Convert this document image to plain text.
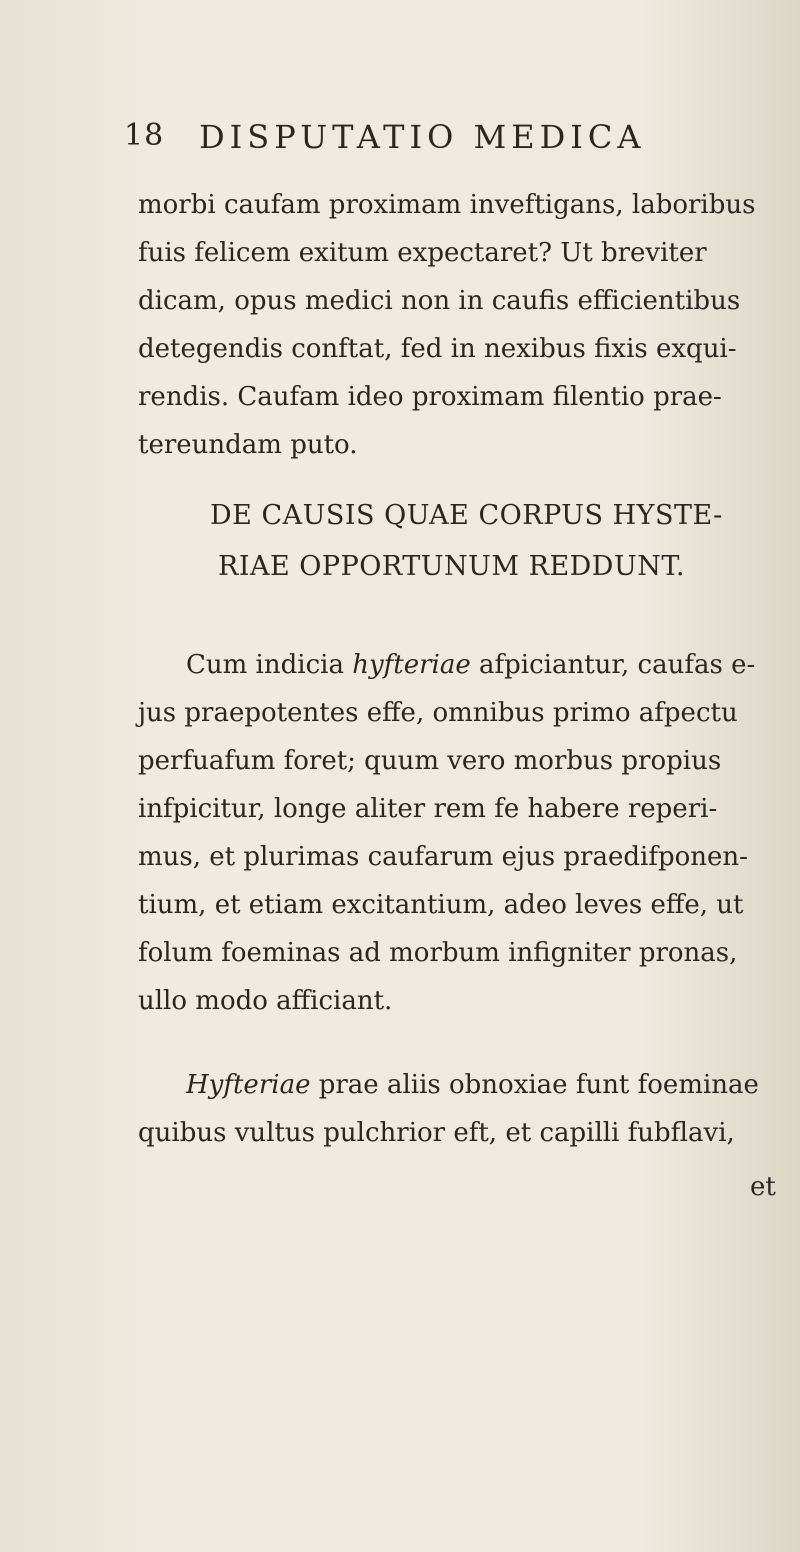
18 DISPUTATIO MEDICA
morbi caufam proximam inveftigans, laboribus
fuis felicem exitum expectaret? Ut breviter
dicam, opus medici non in caufis efficientibus
detegendis conftat, fed in nexibus fixis exqui-
rendis. Caufam ideo proximam filentio prae-
tereundam puto.
DE CAUSIS QUAE CORPUS HYSTE-
RIAE OPPORTUNUM REDDUNT.
Cum indicia hyfteriae afpiciantur, caufas e-
jus praepotentes effe, omnibus primo afpectu
perfuafum foret; quum vero morbus propius
infpicitur, longe aliter rem fe habere reperi-
mus, et plurimas caufarum ejus praedifponen-
tium, et etiam excitantium, adeo leves effe, ut
folum foeminas ad morbum infigniter pronas,
ullo modo afficiant.
Hyfteriae prae aliis obnoxiae funt foeminae
quibus vultus pulchrior eft, et capilli fubflavi,
et
